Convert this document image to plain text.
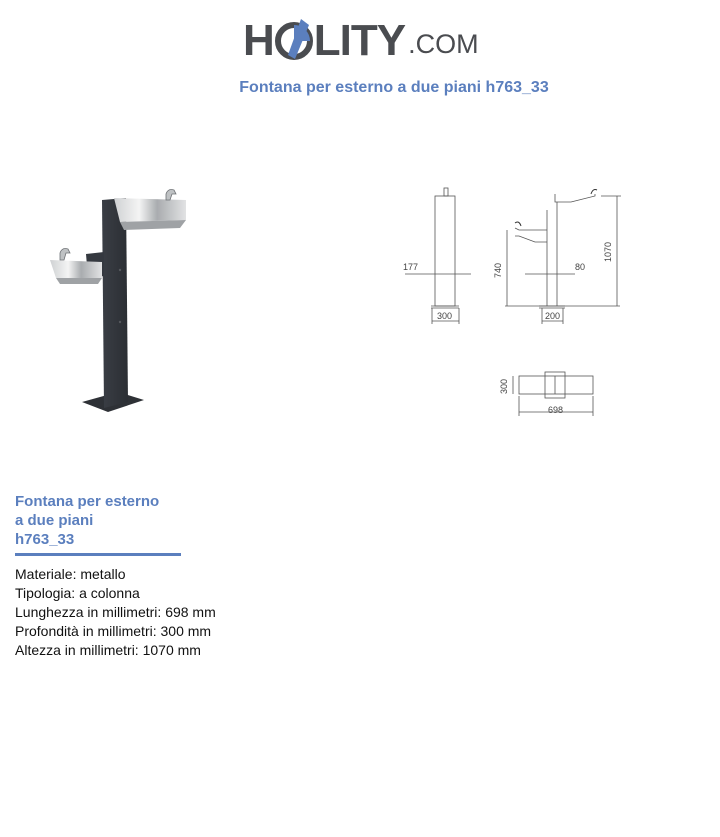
H LITY .COM
Fontana per esterno a due piani h763_33
177
300
80
200
698
740
1070
300
Fontana per esterno
a due piani
h763_33
Materiale: metallo
Tipologia: a colonna
Lunghezza in millimetri: 698 mm
Profondità in millimetri: 300 mm
Altezza in millimetri: 1070 mm
